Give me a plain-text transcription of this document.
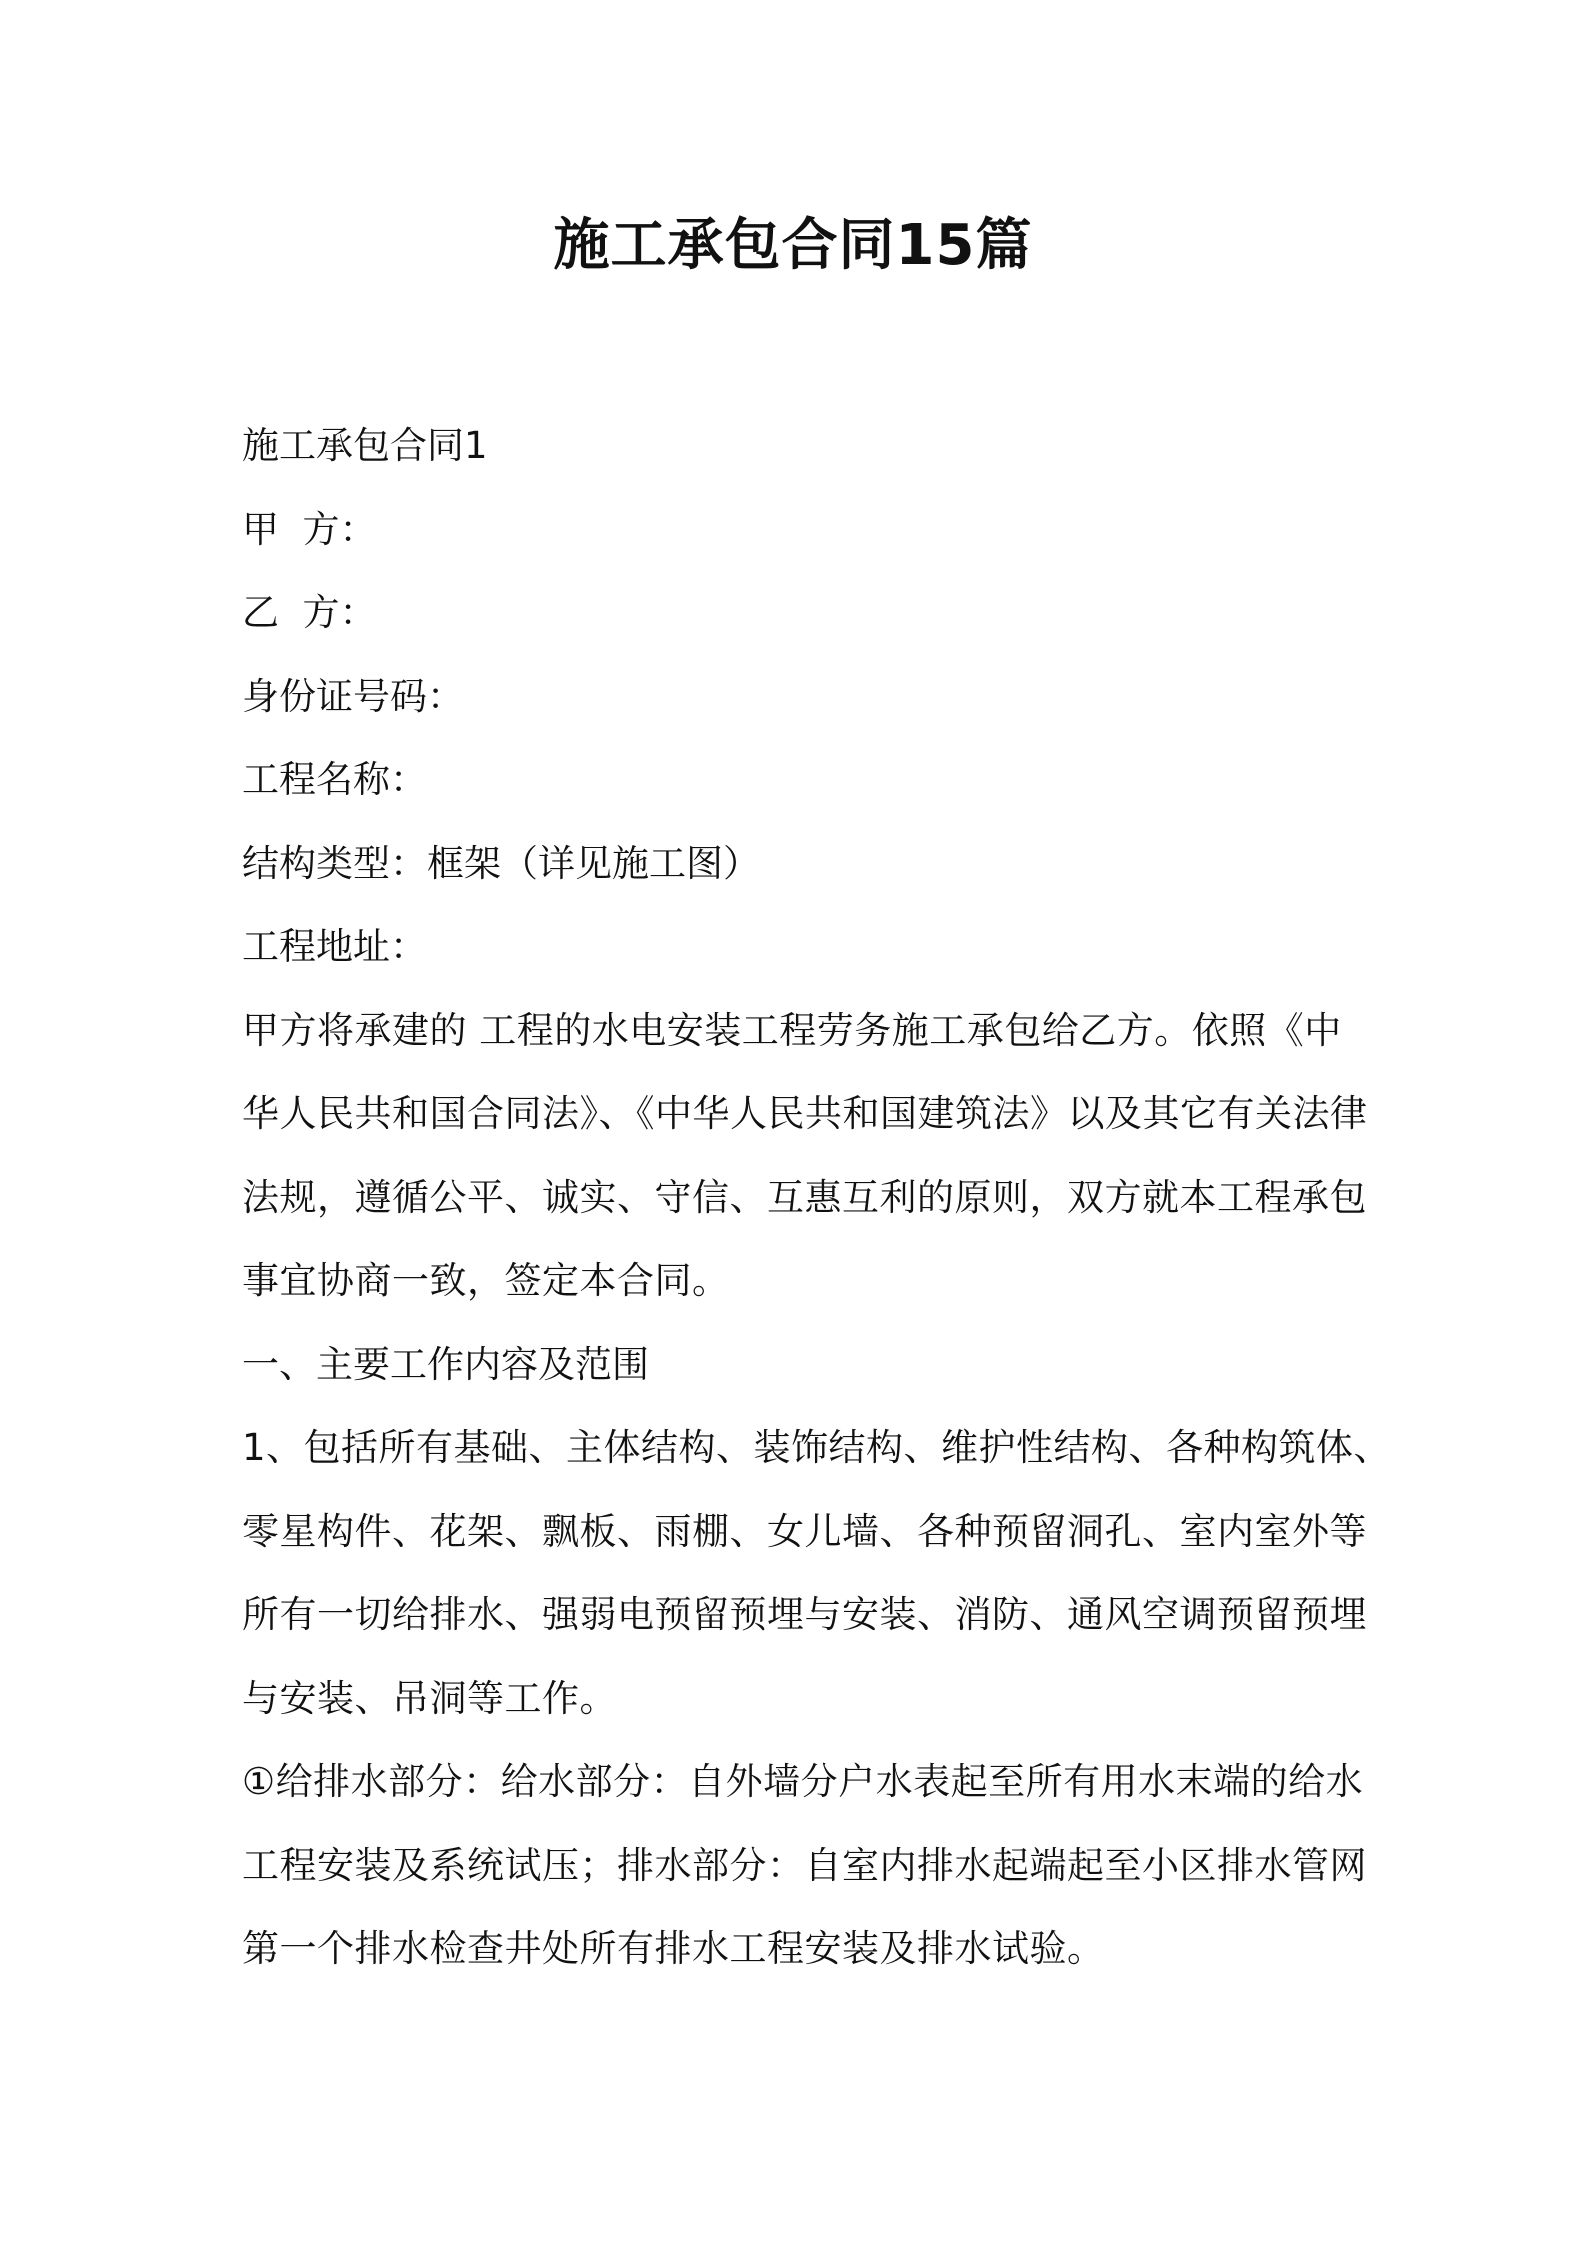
施工承包合同15篇

施工承包合同1

甲  方：

乙  方：

身份证号码：

工程名称：

结构类型：框架（详见施工图）

工程地址：

甲方将承建的 工程的水电安装工程劳务施工承包给乙方。依照《中

华人民共和国合同法》、《中华人民共和国建筑法》以及其它有关法律

法规，遵循公平、诚实、守信、互惠互利的原则，双方就本工程承包

事宜协商一致，签定本合同。

一、主要工作内容及范围

1、包括所有基础、主体结构、装饰结构、维护性结构、各种构筑体、

零星构件、花架、飘板、雨棚、女儿墙、各种预留洞孔、室内室外等

所有一切给排水、强弱电预留预埋与安装、消防、通风空调预留预埋

与安装、吊洞等工作。

①给排水部分：给水部分：自外墙分户水表起至所有用水末端的给水

工程安装及系统试压；排水部分：自室内排水起端起至小区排水管网

第一个排水检查井处所有排水工程安装及排水试验。
